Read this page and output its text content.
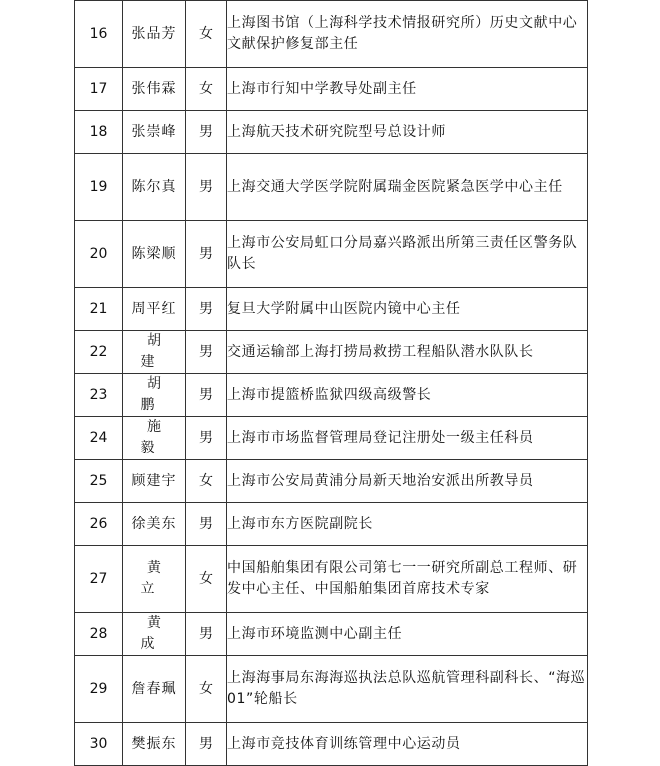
16	张品芳	女	上海图书馆（上海科学技术情报研究所）历史文献中心文献保护修复部主任
17	张伟霖	女	上海市行知中学教导处副主任
18	张崇峰	男	上海航天技术研究院型号总设计师
19	陈尔真	男	上海交通大学医学院附属瑞金医院紧急医学中心主任
20	陈梁顺	男	上海市公安局虹口分局嘉兴路派出所第三责任区警务队队长
21	周平红	男	复旦大学附属中山医院内镜中心主任
22	胡建	男	交通运输部上海打捞局救捞工程船队潜水队队长
23	胡鹏	男	上海市提篮桥监狱四级高级警长
24	施毅	男	上海市市场监督管理局登记注册处一级主任科员
25	顾建宇	女	上海市公安局黄浦分局新天地治安派出所教导员
26	徐美东	男	上海市东方医院副院长
27	黄立	女	中国船舶集团有限公司第七一一研究所副总工程师、研发中心主任、中国船舶集团首席技术专家
28	黄成	男	上海市环境监测中心副主任
29	詹春珮	女	上海海事局东海海巡执法总队巡航管理科副科长、“海巡 01”轮船长
30	樊振东	男	上海市竞技体育训练管理中心运动员
